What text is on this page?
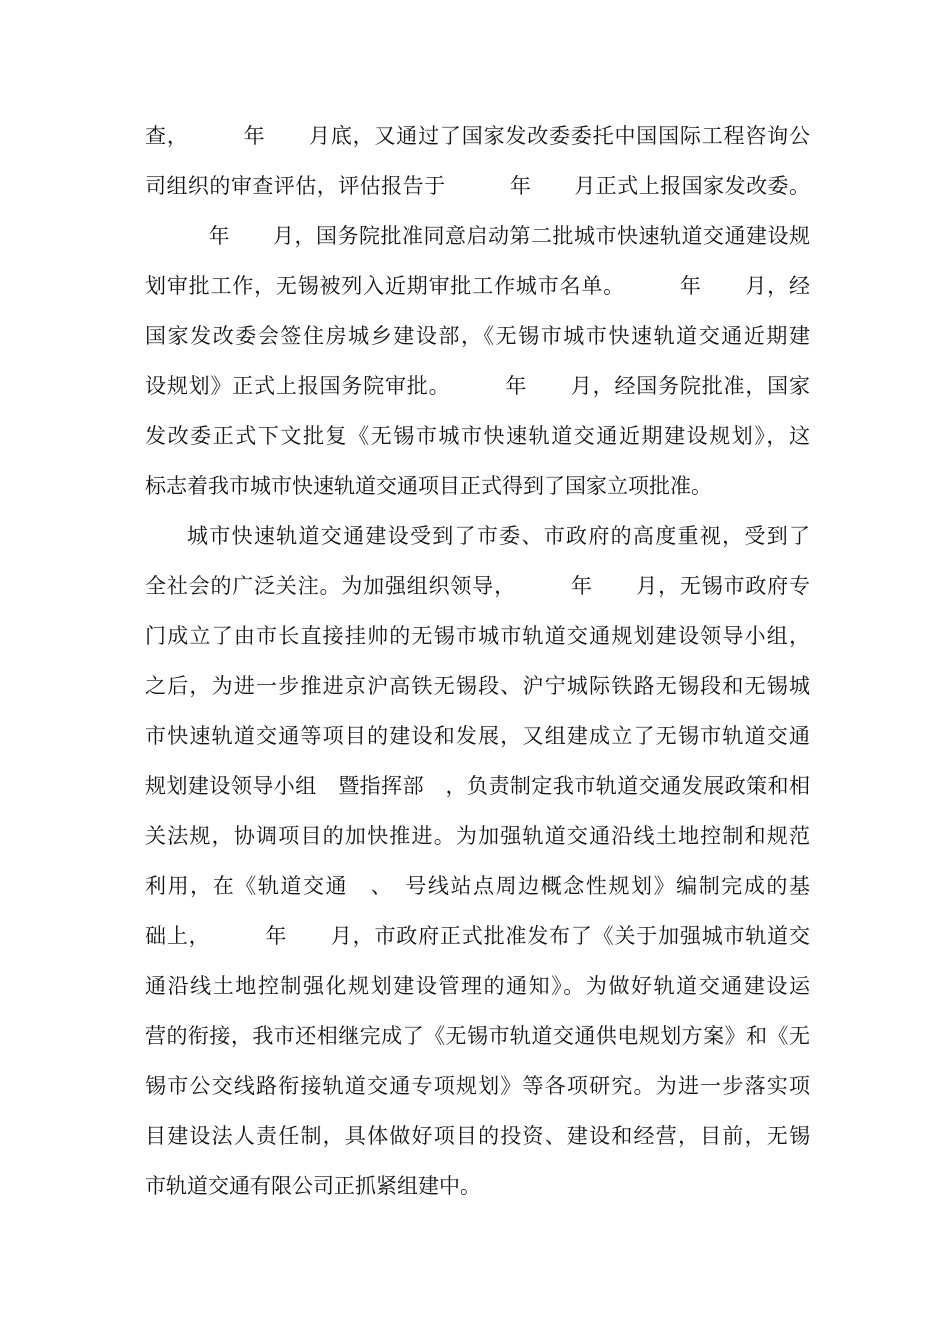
查，　　　年　　月底，又通过了国家发改委委托中国国际工程咨询公
司组织的审查评估，评估报告于　　　年　　月正式上报国家发改委。
　年　　月，国务院批准同意启动第二批城市快速轨道交通建设规
划审批工作，无锡被列入近期审批工作城市名单。　　　年　　月，经
国家发改委会签住房城乡建设部，《无锡市城市快速轨道交通近期建
设规划》正式上报国务院审批。　　　年　　月，经国务院批准，国家
发改委正式下文批复《无锡市城市快速轨道交通近期建设规划》，这
标志着我市城市快速轨道交通项目正式得到了国家立项批准。
城市快速轨道交通建设受到了市委、市政府的高度重视，受到了
全社会的广泛关注。为加强组织领导，　　　年　　月，无锡市政府专
门成立了由市长直接挂帅的无锡市城市轨道交通规划建设领导小组，
之后，为进一步推进京沪高铁无锡段、沪宁城际铁路无锡段和无锡城
市快速轨道交通等项目的建设和发展，又组建成立了无锡市轨道交通
规划建设领导小组　暨指挥部　，负责制定我市轨道交通发展政策和相
关法规，协调项目的加快推进。为加强轨道交通沿线土地控制和规范
利用，在《轨道交通　、　号线站点周边概念性规划》编制完成的基
础上，　　　年　　月，市政府正式批准发布了《关于加强城市轨道交
通沿线土地控制强化规划建设管理的通知》。为做好轨道交通建设运
营的衔接，我市还相继完成了《无锡市轨道交通供电规划方案》和《无
锡市公交线路衔接轨道交通专项规划》等各项研究。为进一步落实项
目建设法人责任制，具体做好项目的投资、建设和经营，目前，无锡
市轨道交通有限公司正抓紧组建中。
